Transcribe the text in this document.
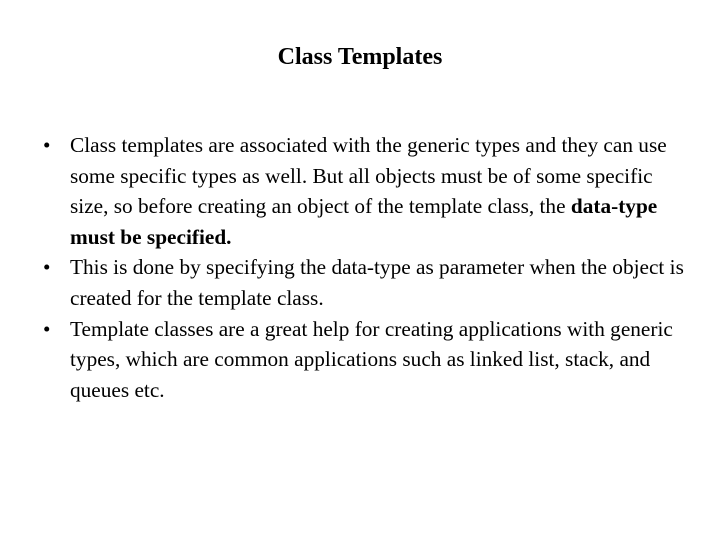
Class Templates
• Class templates are associated with the generic types and they can use some specific types as well. But all objects must be of some specific size, so before creating an object of the template class, the data-type must be specified.
• This is done by specifying the data-type as parameter when the object is created for the template class.
• Template classes are a great help for creating applications with generic types, which are common applications such as linked list, stack, and queues etc.
